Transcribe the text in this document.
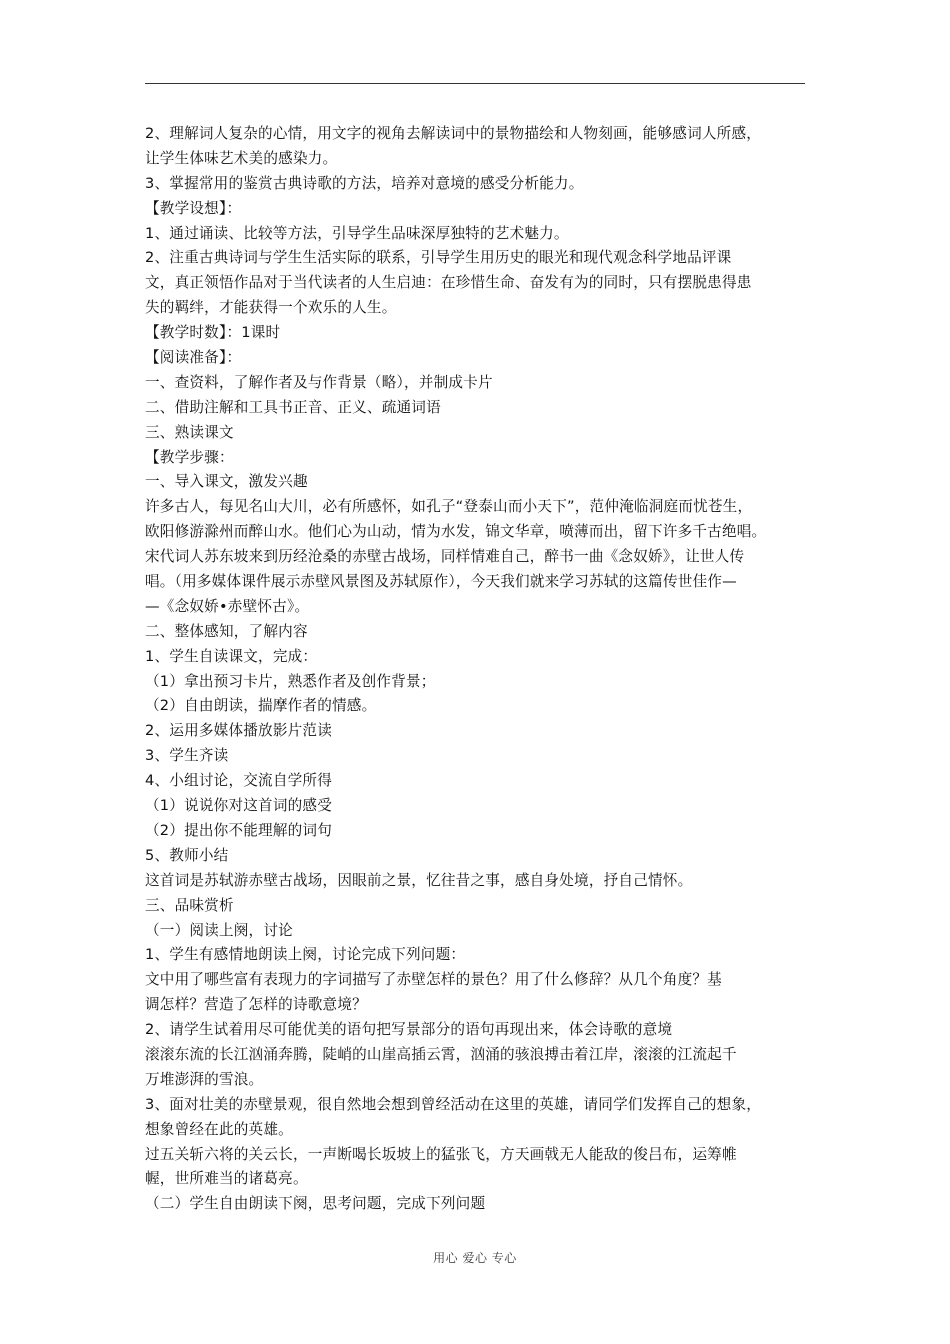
2、理解词人复杂的心情，用文字的视角去解读词中的景物描绘和人物刻画，能够感词人所感，
让学生体味艺术美的感染力。
3、掌握常用的鉴赏古典诗歌的方法，培养对意境的感受分析能力。
【教学设想】：
1、通过诵读、比较等方法，引导学生品味深厚独特的艺术魅力。
2、注重古典诗词与学生生活实际的联系，引导学生用历史的眼光和现代观念科学地品评课
文，真正领悟作品对于当代读者的人生启迪：在珍惜生命、奋发有为的同时，只有摆脱患得患
失的羁绊，才能获得一个欢乐的人生。
【教学时数】：1课时
【阅读准备】：
一、查资料，了解作者及与作背景（略），并制成卡片
二、借助注解和工具书正音、正义、疏通词语
三、熟读课文
【教学步骤：
一、导入课文，激发兴趣
许多古人，每见名山大川，必有所感怀，如孔子“登泰山而小天下”，范仲淹临洞庭而忧苍生，
欧阳修游滁州而醉山水。他们心为山动，情为水发，锦文华章，喷薄而出，留下许多千古绝唱。
宋代词人苏东坡来到历经沧桑的赤壁古战场，同样情难自己，醉书一曲《念奴娇》，让世人传
唱。（用多媒体课件展示赤壁风景图及苏轼原作），今天我们就来学习苏轼的这篇传世佳作—
—《念奴娇•赤壁怀古》。
二、整体感知，了解内容
1、学生自读课文，完成：
（1）拿出预习卡片，熟悉作者及创作背景；
（2）自由朗读，揣摩作者的情感。
2、运用多媒体播放影片范读
3、学生齐读
4、小组讨论，交流自学所得
（1）说说你对这首词的感受
（2）提出你不能理解的词句
5、教师小结
这首词是苏轼游赤壁古战场，因眼前之景，忆往昔之事，感自身处境，抒自己情怀。
三、品味赏析
（一）阅读上阕，讨论
1、学生有感情地朗读上阕，讨论完成下列问题：
文中用了哪些富有表现力的字词描写了赤壁怎样的景色？用了什么修辞？从几个角度？基
调怎样？营造了怎样的诗歌意境？
2、请学生试着用尽可能优美的语句把写景部分的语句再现出来，体会诗歌的意境
滚滚东流的长江汹涌奔腾，陡峭的山崖高插云霄，汹涌的骇浪搏击着江岸，滚滚的江流起千
万堆澎湃的雪浪。
3、面对壮美的赤壁景观，很自然地会想到曾经活动在这里的英雄，请同学们发挥自己的想象，
想象曾经在此的英雄。
过五关斩六将的关云长，一声断喝长坂坡上的猛张飞，方天画戟无人能敌的俊吕布，运筹帷
幄，世所难当的诸葛亮。
（二）学生自由朗读下阕，思考问题，完成下列问题
用心 爱心 专心
